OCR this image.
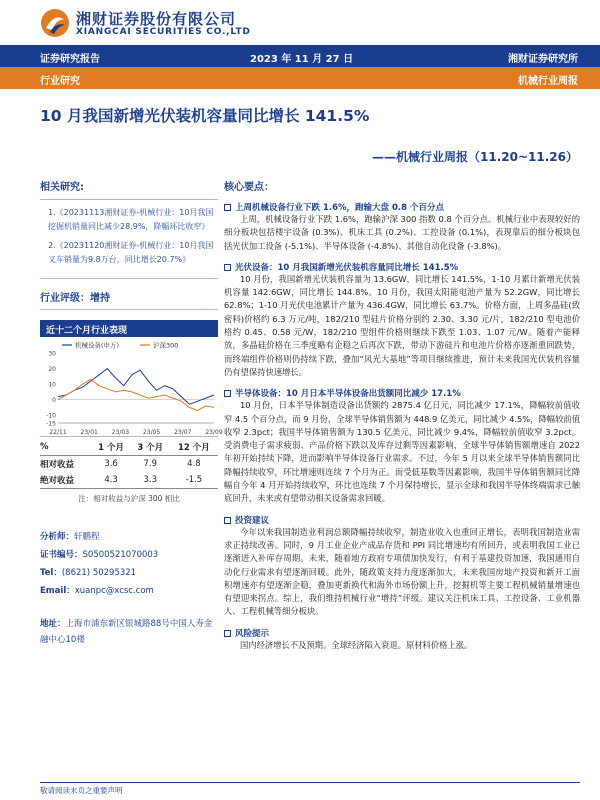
湘财证券股份有限公司
XIANGCAI SECURITIES CO.,LTD
证券研究报告	2023 年 11 月 27 日	湘财证券研究所
行业研究	机械行业周报
10 月我国新增光伏装机容量同比增长 141.5%
——机械行业周报（11.20~11.26）
相关研究:
1.《20231113湘财证券-机械行业：10月我国挖掘机销量同比减少28.9%，降幅环比收窄》
2.《20231120湘财证券-机械行业：10月我国叉车销量为9.8万台，同比增长20.7%》
行业评级：增持
近十二个月行业表现
30
20
10
0
-10
-15
22/11 23/01 23/03 23/05 23/07 23/09
机械设备(申万)	沪深300
%	1 个月	3 个月	12 个月
相对收益	3.6	7.9	4.8
绝对收益	4.3	3.3	-1.5
注：相对收益与沪深 300 相比
分析师：轩鹏程
证书编号：S0500521070003
Tel：(8621) 50295321
Email：xuanpc@xcsc.com
地址：上海市浦东新区银城路88号中国人寿金融中心10楼
核心要点：
上周机械设备行业下跌 1.6%，跑输大盘 0.8 个百分点

上周，机械设备行业下跌 1.6%，跑输沪深 300 指数 0.8 个百分点。机械行业中表现较好的细分板块包括楼宇设备 (0.3%)、机床工具 (0.2%)、工控设备 (0.1%)，表现靠后的细分板块包括光伏加工设备 (-5.1%)、半导体设备 (-4.8%)、其他自动化设备 (-3.8%)。

光伏设备：10 月我国新增光伏装机容量同比增长 141.5%

10 月份，我国新增光伏装机容量为 13.6GW，同比增长 141.5%，1-10 月累计新增光伏装机容量 142.6GW，同比增长 144.8%。10 月份，我国太阳能电池产量为 52.2GW，同比增长 62.8%；1-10 月光伏电池累计产量为 436.4GW，同比增长 63.7%。价格方面，上周多晶硅(致密料)价格约 6.3 万元/吨，182/210 型硅片价格分别约 2.30、3.30 元/片，182/210 型电池价格约 0.45、0.58 元/W，182/210 型组件价格则继续下跌至 1.03、1.07 元/W。随着产能释放，多晶硅价格在三季度略有企稳之后再次下跌，带动下游硅片和电池片价格亦逐渐重回跌势，而终端组件价格则仍持续下跌，叠加“风光大基地”等项目继续推进，预计未来我国光伏装机容量仍有望保持快速增长。

半导体设备：10 月日本半导体设备出货额同比减少 17.1%

10 月份，日本半导体制造设备出货额约 2875.4 亿日元，同比减少 17.1%，降幅较前值收窄 4.5 个百分点，而 9 月份，全球半导体销售额为 448.9 亿美元，同比减少 4.5%，降幅较前值收窄 2.3pct；我国半导体销售额为 130.5 亿美元，同比减少 9.4%，降幅较前值收窄 3.2pct。受消费电子需求疲弱、产品价格下跌以及库存过剩等因素影响，全球半导体销售额增速自 2022 年初开始持续下降，进而影响半导体设备行业需求。不过，今年 5 月以来全球半导体销售额同比降幅持续收窄，环比增速则连续 7 个月为正。而受低基数等因素影响，我国半导体销售额同比降幅自今年 4 月开始持续收窄，环比也连续 7 个月保持增长，显示全球和我国半导体终端需求已触底回升，未来或有望带动相关设备需求回暖。

投资建议

今年以来我国制造业利润总额降幅持续收窄，制造业收入也重回正增长，表明我国制造业需求正持续改善。同时，9 月工业企业产成品存货和 PPI 同比增速均有所回升，或表明我国工业已逐渐进入补库存周期。未来，随着地方政府专项债加快发行，有利于基建投资加速，我国通用自动化行业需求有望逐渐回暖。此外，随政策支持力度逐渐加大，未来我国房地产投资和新开工面积增速亦有望逐渐企稳，叠加更新换代和海外市场份额上升，挖掘机等主要工程机械销量增速也有望迎来拐点。综上，我们维持机械行业“增持”评级。建议关注机床工具、工控设备、工业机器人、工程机械等细分板块。

风险提示

国内经济增长不及预期。全球经济陷入衰退。原材料价格上涨。

敬请阅读末页之重要声明
